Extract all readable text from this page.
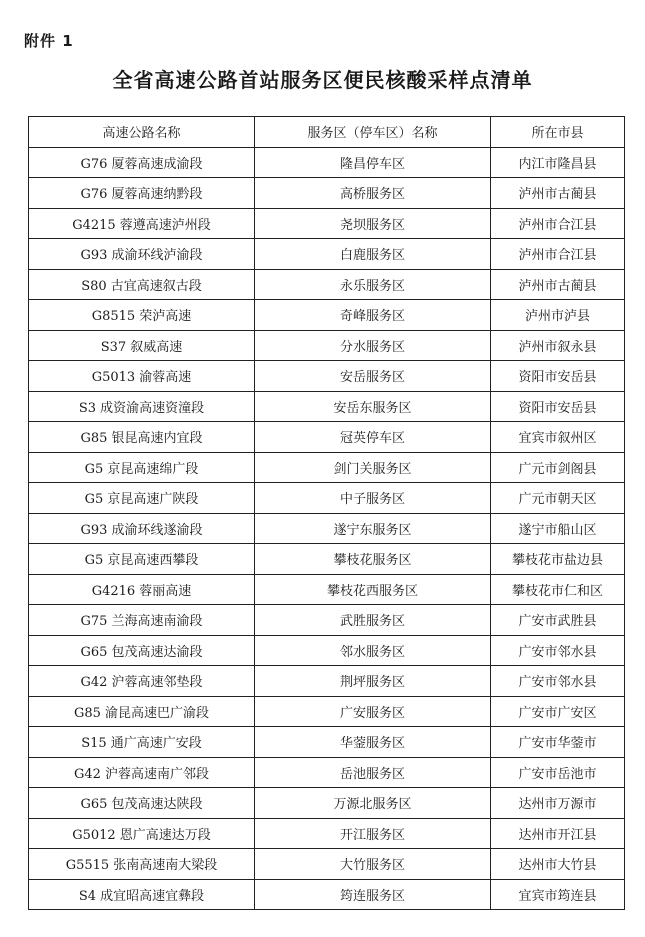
附件 1
全省高速公路首站服务区便民核酸采样点清单
高速公路名称	服务区（停车区）名称	所在市县
G76 厦蓉高速成渝段	隆昌停车区	内江市隆昌县
G76 厦蓉高速纳黔段	高桥服务区	泸州市古蔺县
G4215 蓉遵高速泸州段	尧坝服务区	泸州市合江县
G93 成渝环线泸渝段	白鹿服务区	泸州市合江县
S80 古宜高速叙古段	永乐服务区	泸州市古蔺县
G8515 荣泸高速	奇峰服务区	泸州市泸县
S37 叙威高速	分水服务区	泸州市叙永县
G5013 渝蓉高速	安岳服务区	资阳市安岳县
S3 成资渝高速资潼段	安岳东服务区	资阳市安岳县
G85 银昆高速内宜段	冠英停车区	宜宾市叙州区
G5 京昆高速绵广段	剑门关服务区	广元市剑阁县
G5 京昆高速广陕段	中子服务区	广元市朝天区
G93 成渝环线遂渝段	遂宁东服务区	遂宁市船山区
G5 京昆高速西攀段	攀枝花服务区	攀枝花市盐边县
G4216 蓉丽高速	攀枝花西服务区	攀枝花市仁和区
G75 兰海高速南渝段	武胜服务区	广安市武胜县
G65 包茂高速达渝段	邻水服务区	广安市邻水县
G42 沪蓉高速邻垫段	荆坪服务区	广安市邻水县
G85 渝昆高速巴广渝段	广安服务区	广安市广安区
S15 通广高速广安段	华蓥服务区	广安市华蓥市
G42 沪蓉高速南广邻段	岳池服务区	广安市岳池市
G65 包茂高速达陕段	万源北服务区	达州市万源市
G5012 恩广高速达万段	开江服务区	达州市开江县
G5515 张南高速南大梁段	大竹服务区	达州市大竹县
S4 成宜昭高速宜彝段	筠连服务区	宜宾市筠连县
